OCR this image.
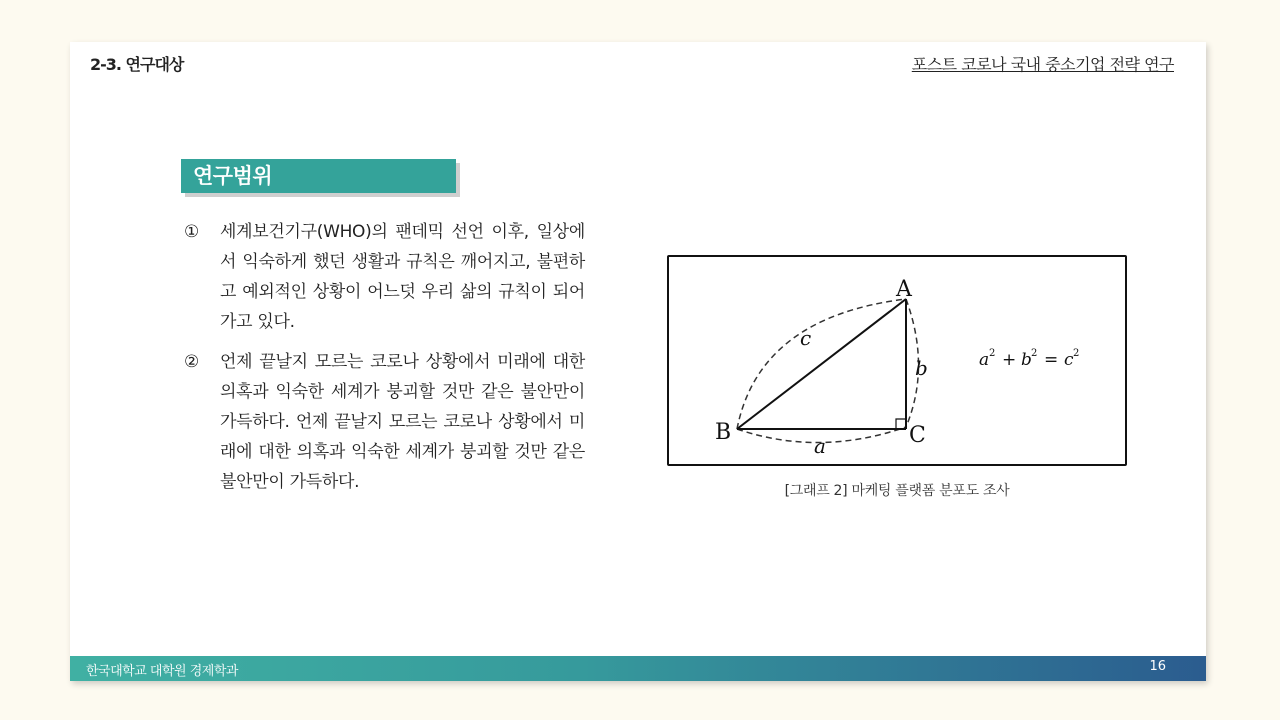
2-3. 연구대상	포스트 코로나 국내 중소기업 전략 연구
연구범위
① 세계보건기구(WHO)의 팬데믹 선언 이후, 일상에서 익숙하게 했던 생활과 규칙은 깨어지고, 불편하고 예외적인 상황이 어느덧 우리 삶의 규칙이 되어가고 있다.
② 언제 끝날지 모르는 코로나 상황에서 미래에 대한 의혹과 익숙한 세계가 붕괴할 것만 같은 불안만이 가득하다. 언제 끝날지 모르는 코로나 상황에서 미래에 대한 의혹과 익숙한 세계가 붕괴할 것만 같은 불안만이 가득하다.
A
B	C
a
b
c
a 2 + b 2 = c 2
[그래프 2] 마케팅 플랫폼 분포도 조사
한국대학교 대학원 경제학과	16
